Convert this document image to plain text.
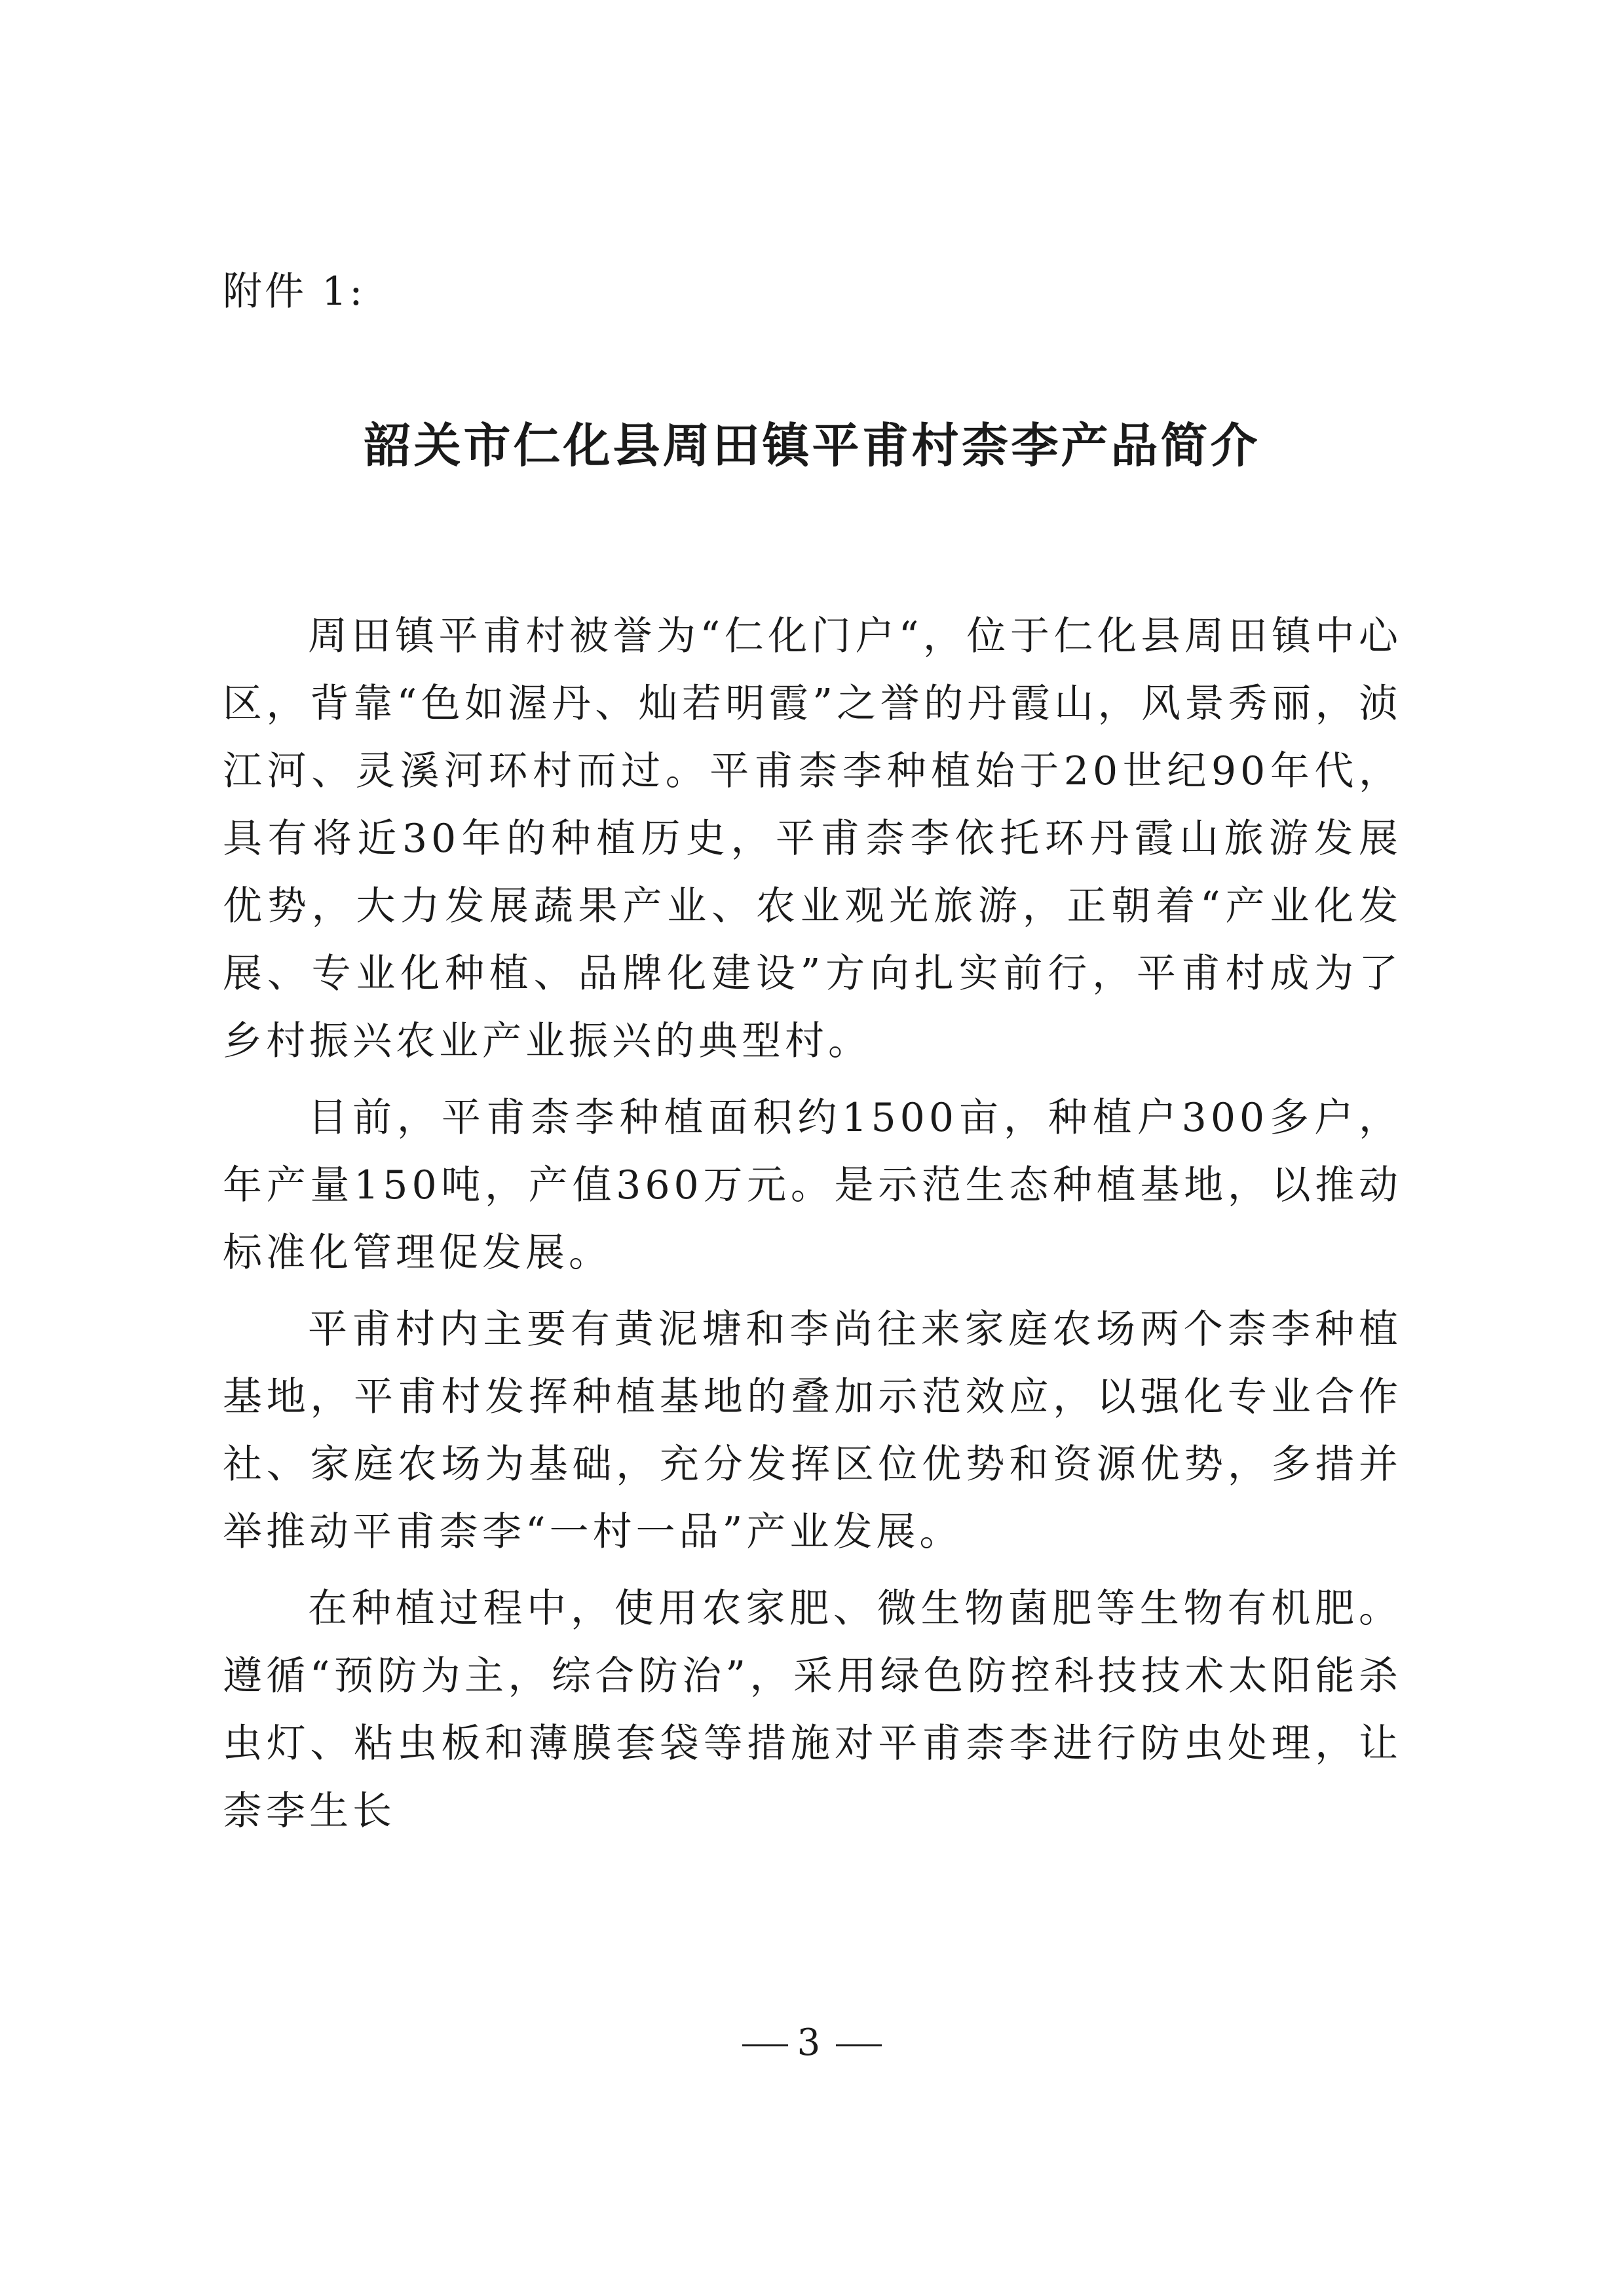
附件 1:
韶关市仁化县周田镇平甫村柰李产品简介

周田镇平甫村被誉为“仁化门户“，位于仁化县周田镇中心区，背靠“色如渥丹、灿若明霞”之誉的丹霞山，风景秀丽，浈江河、灵溪河环村而过。平甫柰李种植始于20世纪90年代，具有将近30年的种植历史，平甫柰李依托环丹霞山旅游发展优势，大力发展蔬果产业、农业观光旅游，正朝着“产业化发展、专业化种植、品牌化建设”方向扎实前行，平甫村成为了乡村振兴农业产业振兴的典型村。

目前，平甫柰李种植面积约1500亩，种植户300多户，年产量150吨，产值360万元。是示范生态种植基地，以推动标准化管理促发展。

平甫村内主要有黄泥塘和李尚往来家庭农场两个柰李种植基地，平甫村发挥种植基地的叠加示范效应，以强化专业合作社、家庭农场为基础，充分发挥区位优势和资源优势，多措并举推动平甫柰李“一村一品”产业发展。

在种植过程中，使用农家肥、微生物菌肥等生物有机肥。遵循“预防为主，综合防治”，采用绿色防控科技技术太阳能杀虫灯、粘虫板和薄膜套袋等措施对平甫柰李进行防虫处理，让柰李生长

3
